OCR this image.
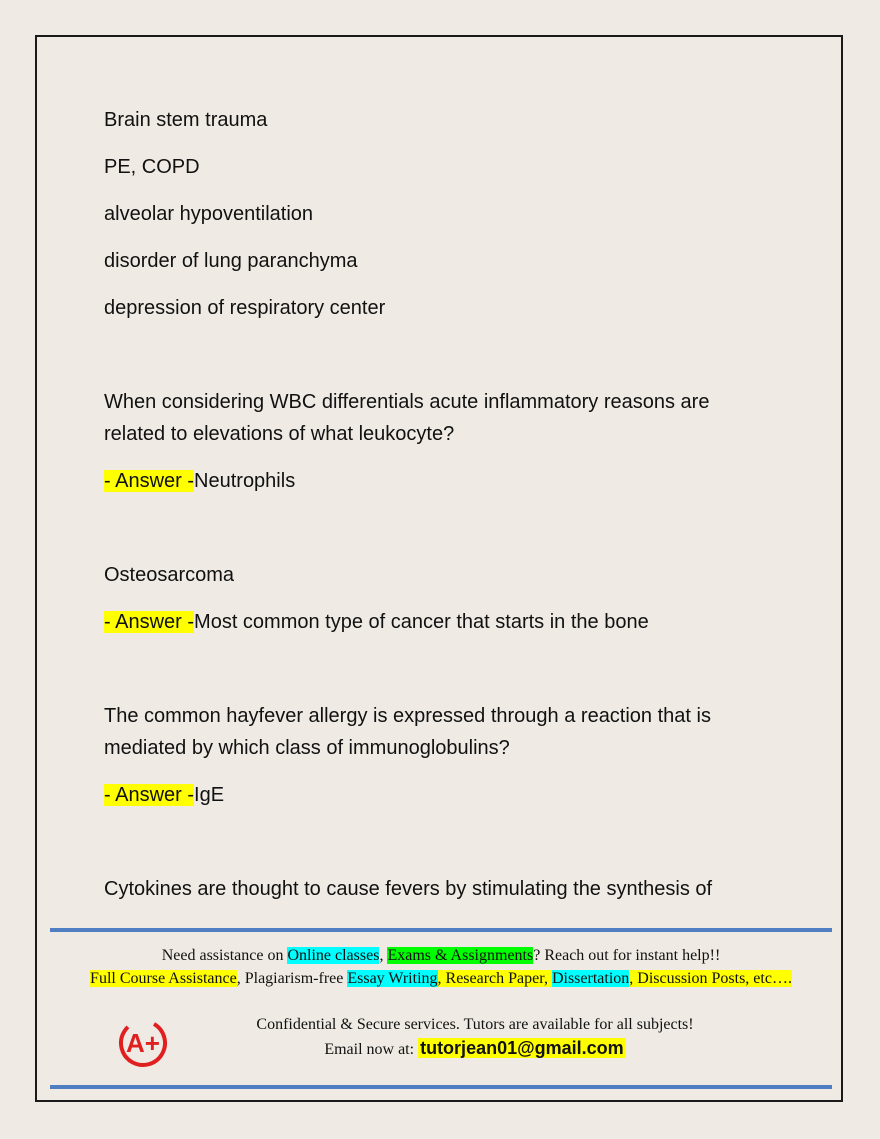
Brain stem trauma

PE, COPD

alveolar hypoventilation

disorder of lung paranchyma

depression of respiratory center

When considering WBC differentials acute inflammatory reasons are

related to elevations of what leukocyte?

- Answer -Neutrophils

Osteosarcoma

- Answer -Most common type of cancer that starts in the bone

The common hayfever allergy is expressed through a reaction that is

mediated by which class of immunoglobulins?

- Answer -IgE

Cytokines are thought to cause fevers by stimulating the synthesis of

Need assistance on Online classes, Exams & Assignments? Reach out for instant help!!
Full Course Assistance, Plagiarism-free Essay Writing, Research Paper, Dissertation, Discussion Posts, etc….
A+
Confidential & Secure services. Tutors are available for all subjects!
Email now at: tutorjean01@gmail.com
